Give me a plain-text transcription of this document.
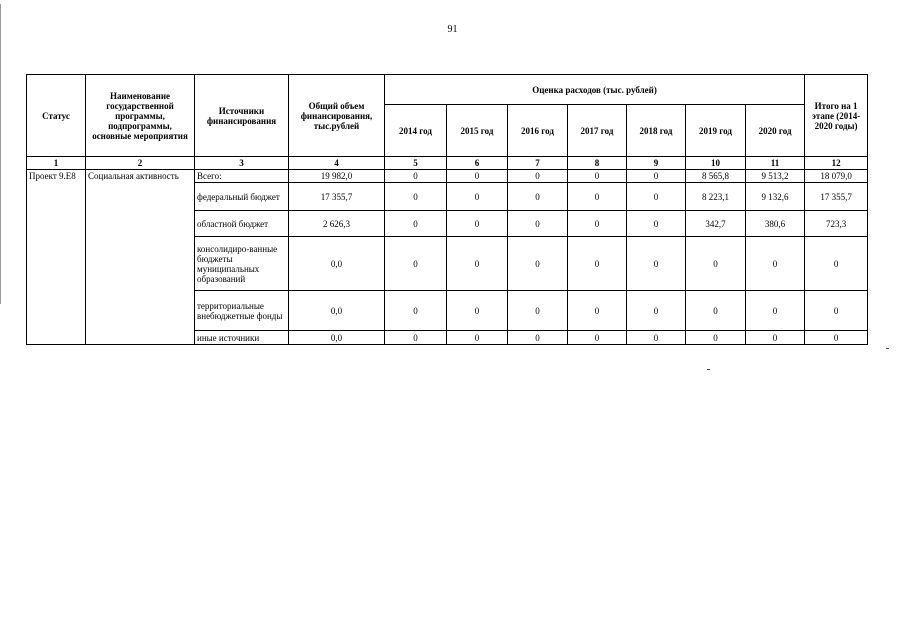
91
Статус	Наименование государственной программы, подпрограммы, основные мероприятия	Источники финансирования	Общий объем финансирования, тыс.рублей	Оценка расходов (тыс. рублей)							Итого на 1 этапе (2014-2020 годы)
				2014 год	2015 год	2016 год	2017 год	2018 год	2019 год	2020 год	
1	2	3	4	5	6	7	8	9	10	11	12
Проект 9.Е8	Социальная активность	Всего:	19 982,0	0	0	0	0	0	8 565,8	9 513,2	18 079,0
		федеральный бюджет	17 355,7	0	0	0	0	0	8 223,1	9 132,6	17 355,7
		областной бюджет	2 626,3	0	0	0	0	0	342,7	380,6	723,3
		консолидиро-ванные бюджеты муниципальных образований	0,0	0	0	0	0	0	0	0	0
		территориальные внебюджетные фонды	0,0	0	0	0	0	0	0	0	0
		иные источники	0,0	0	0	0	0	0	0	0	0
